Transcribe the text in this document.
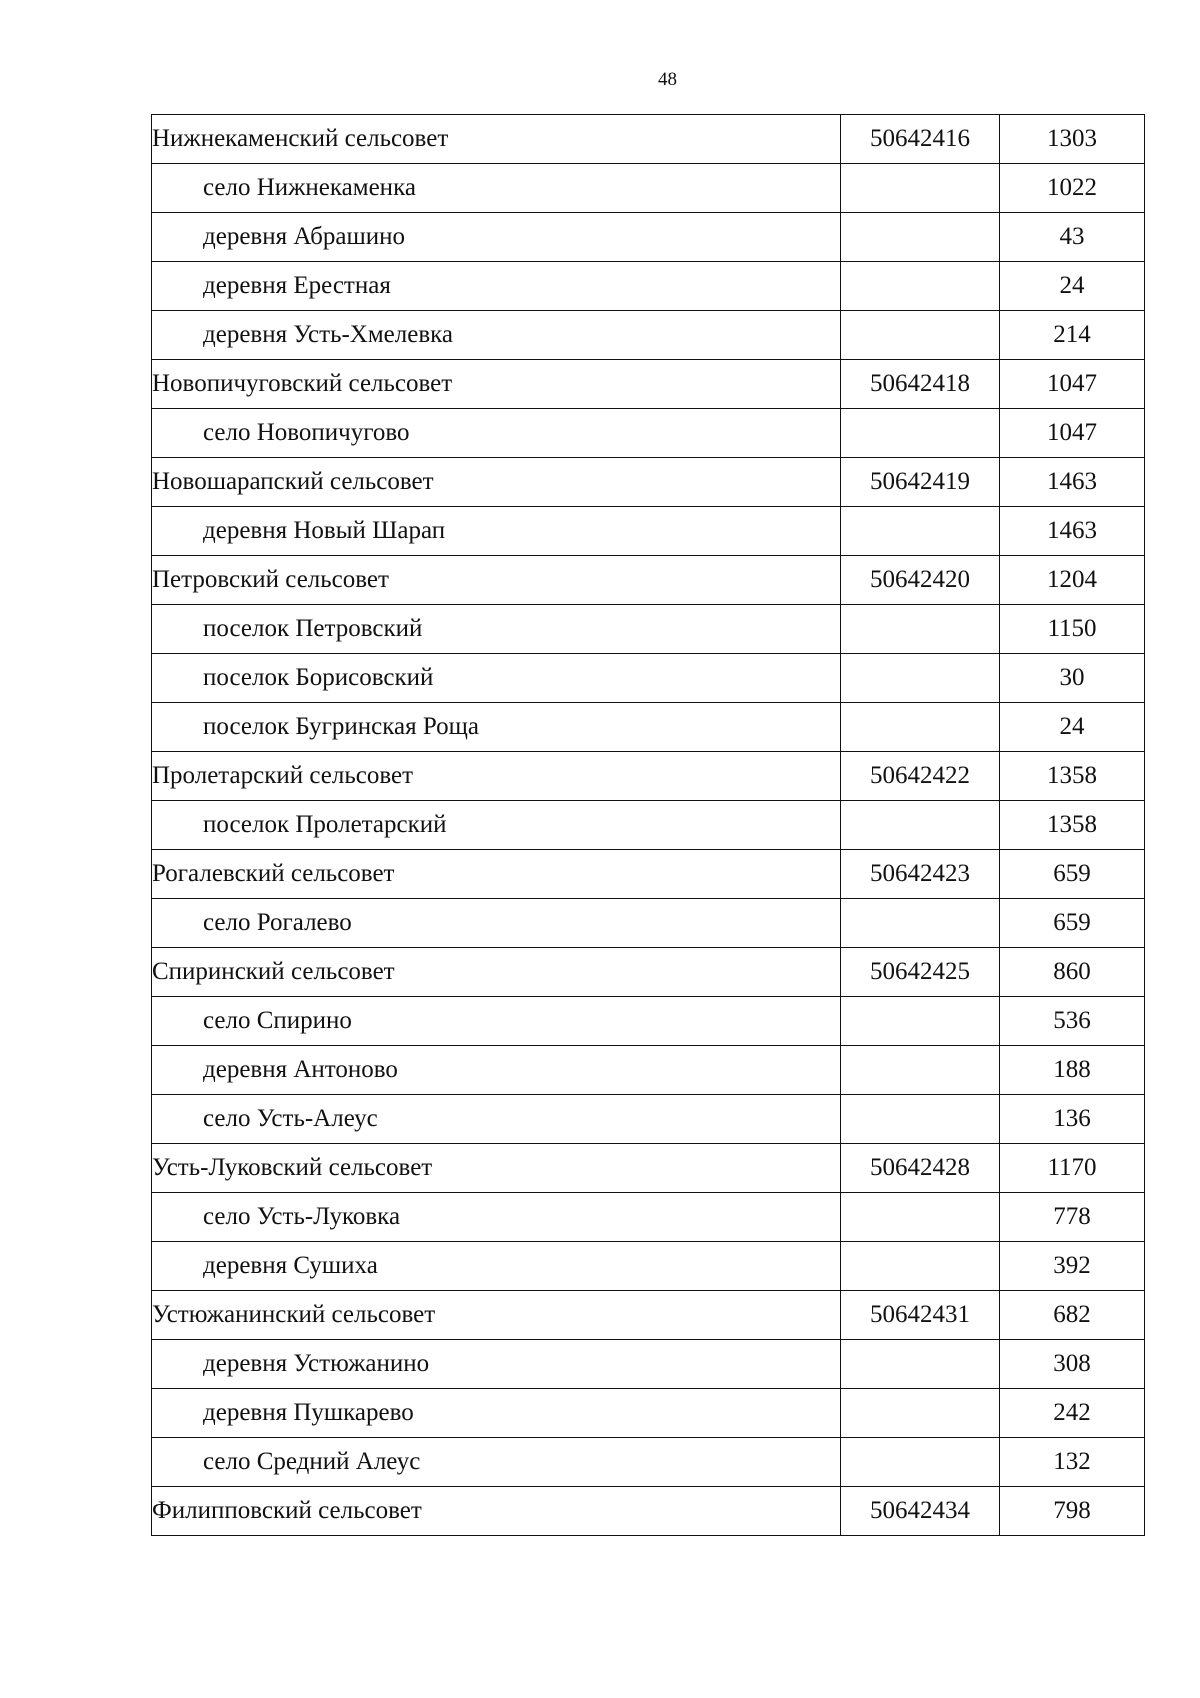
48
Нижнекаменский сельсовет	50642416	1303
село Нижнекаменка		1022
деревня Абрашино		43
деревня Ерестная		24
деревня Усть-Хмелевка		214
Новопичуговский сельсовет	50642418	1047
село Новопичугово		1047
Новошарапский сельсовет	50642419	1463
деревня Новый Шарап		1463
Петровский сельсовет	50642420	1204
поселок Петровский		1150
поселок Борисовский		30
поселок Бугринская Роща		24
Пролетарский сельсовет	50642422	1358
поселок Пролетарский		1358
Рогалевский сельсовет	50642423	659
село Рогалево		659
Спиринский сельсовет	50642425	860
село Спирино		536
деревня Антоново		188
село Усть-Алеус		136
Усть-Луковский сельсовет	50642428	1170
село Усть-Луковка		778
деревня Сушиха		392
Устюжанинский сельсовет	50642431	682
деревня Устюжанино		308
деревня Пушкарево		242
село Средний Алеус		132
Филипповский сельсовет	50642434	798
